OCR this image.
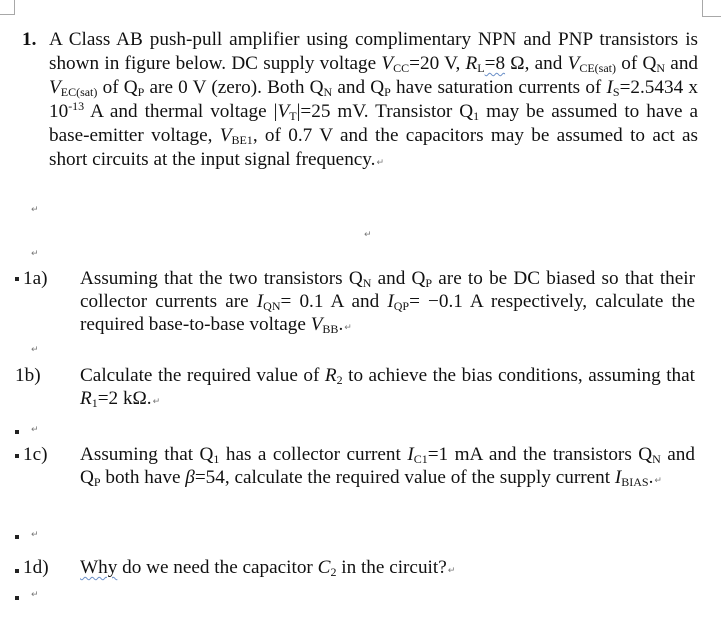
1. A Class AB push-pull amplifier using complimentary NPN and PNP transistors is shown in figure below. DC supply voltage $V_{CC}=20$ V, $R_L=8$ Ω, and $V_{CE(sat)}$ of $Q_N$ and $V_{EC(sat)}$ of $Q_P$ are 0 V (zero). Both $Q_N$ and $Q_P$ have saturation currents of $I_S=2.5434$ x $10^{-13}$ A and thermal voltage $|V_T|=25$ mV. Transistor $Q_1$ may be assumed to have a base-emitter voltage, $V_{BE1}$, of 0.7 V and the capacitors may be assumed to act as short circuits at the input signal frequency.↵
↵
↵
↵
1a) Assuming that the two transistors $Q_N$ and $Q_P$ are to be DC biased so that their collector currents are $I_{QN}= 0.1$ A and $I_{QP}= -0.1$ A respectively, calculate the required base-to-base voltage $V_{BB}.↵$
↵
1b) Calculate the required value of $R_2$ to achieve the bias conditions, assuming that $R_1=2$ kΩ.↵
↵
1c) Assuming that $Q_1$ has a collector current $I_{C1}=1$ mA and the transistors $Q_N$ and $Q_P$ both have β=54, calculate the required value of the supply current $I_{BIAS}.↵$
↵
1d) Why do we need the capacitor $C_2$ in the circuit?↵
↵
